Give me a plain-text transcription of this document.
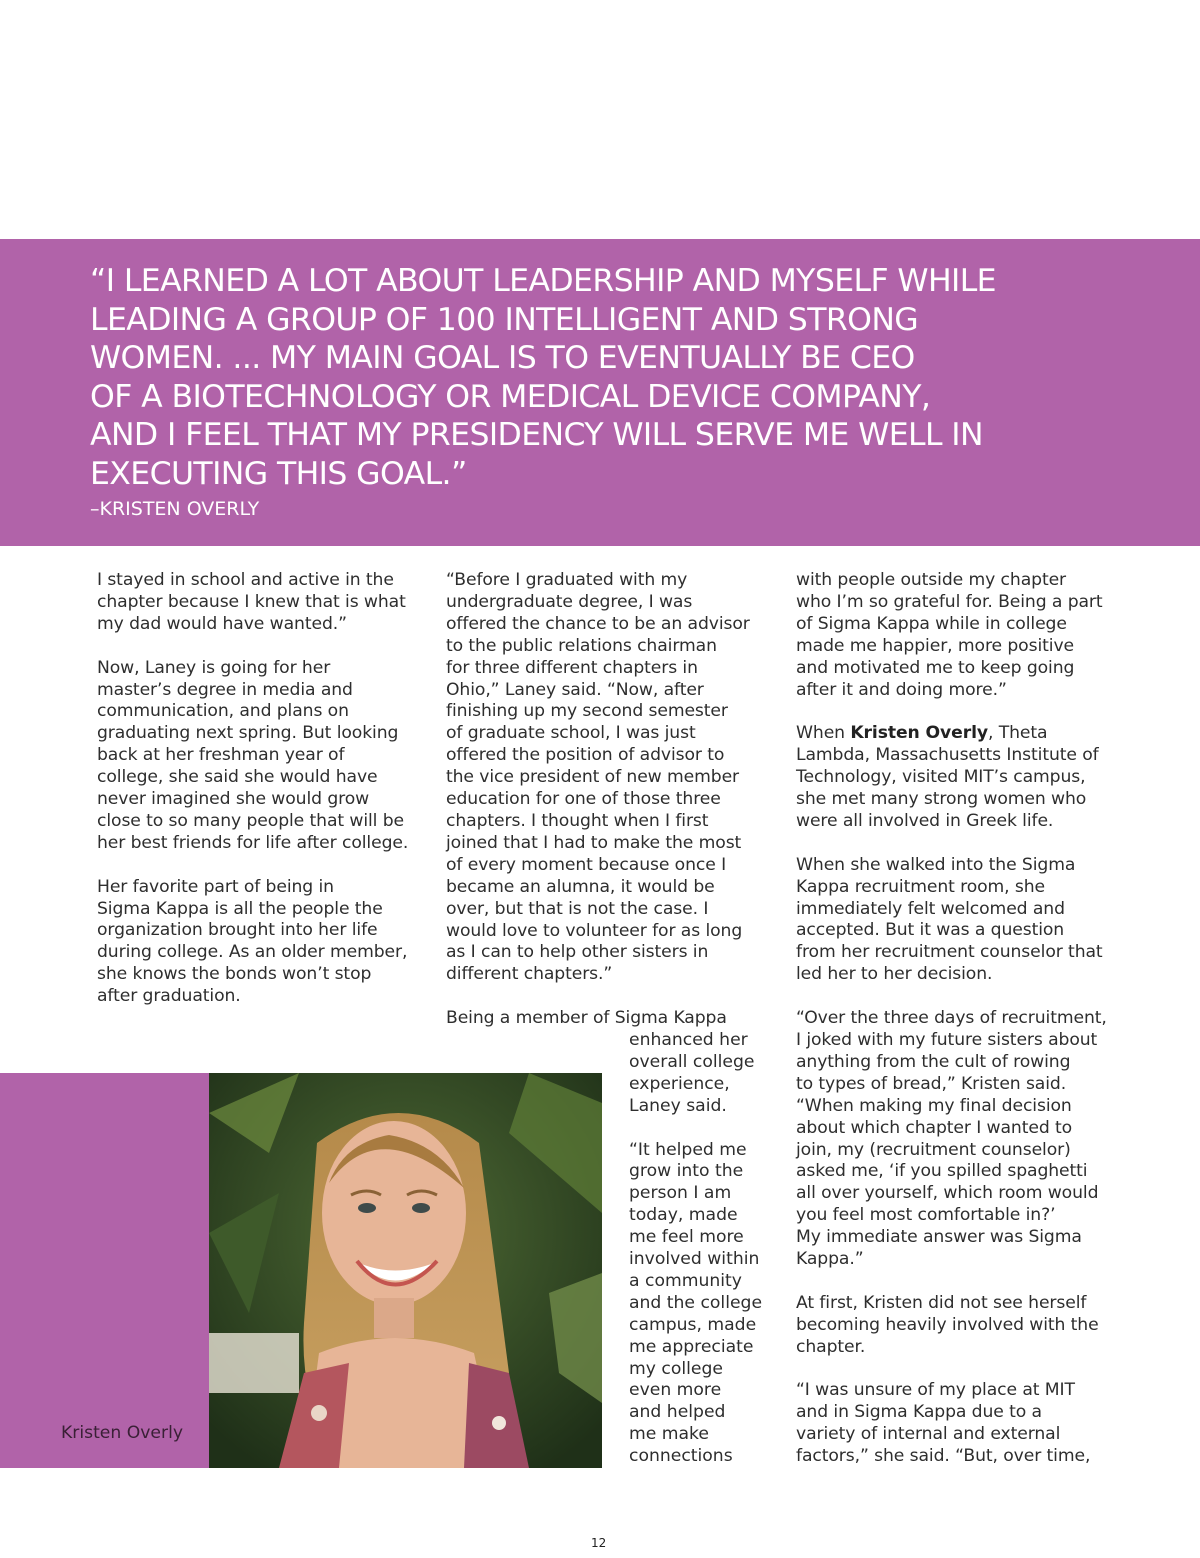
“I LEARNED A LOT ABOUT LEADERSHIP AND MYSELF WHILE
LEADING A GROUP OF 100 INTELLIGENT AND STRONG
WOMEN. ... MY MAIN GOAL IS TO EVENTUALLY BE CEO
OF A BIOTECHNOLOGY OR MEDICAL DEVICE COMPANY,
AND I FEEL THAT MY PRESIDENCY WILL SERVE ME WELL IN
EXECUTING THIS GOAL.”

–KRISTEN OVERLY

I stayed in school and active in the
chapter because I knew that is what
my dad would have wanted.”

Now, Laney is going for her
master’s degree in media and
communication, and plans on
graduating next spring. But looking
back at her freshman year of
college, she said she would have
never imagined she would grow
close to so many people that will be
her best friends for life after college.

Her favorite part of being in
Sigma Kappa is all the people the
organization brought into her life
during college. As an older member,
she knows the bonds won’t stop
after graduation.

“Before I graduated with my
undergraduate degree, I was
offered the chance to be an advisor
to the public relations chairman
for three different chapters in
Ohio,” Laney said. “Now, after
finishing up my second semester
of graduate school, I was just
offered the position of advisor to
the vice president of new member
education for one of those three
chapters. I thought when I first
joined that I had to make the most
of every moment because once I
became an alumna, it would be
over, but that is not the case. I
would love to volunteer for as long
as I can to help other sisters in
different chapters.”

Being a member of Sigma Kappa

enhanced her
overall college
experience,
Laney said.

“It helped me
grow into the
person I am
today, made
me feel more
involved within
a community
and the college
campus, made
me appreciate
my college
even more
and helped
me make
connections

with people outside my chapter
who I’m so grateful for. Being a part
of Sigma Kappa while in college
made me happier, more positive
and motivated me to keep going
after it and doing more.”

When Kristen Overly, Theta
Lambda, Massachusetts Institute of
Technology, visited MIT’s campus,
she met many strong women who
were all involved in Greek life.

When she walked into the Sigma
Kappa recruitment room, she
immediately felt welcomed and
accepted. But it was a question
from her recruitment counselor that
led her to her decision.

“Over the three days of recruitment,
I joked with my future sisters about
anything from the cult of rowing
to types of bread,” Kristen said.
“When making my final decision
about which chapter I wanted to
join, my (recruitment counselor)
asked me, ‘if you spilled spaghetti
all over yourself, which room would
you feel most comfortable in?’
My immediate answer was Sigma
Kappa.”

At first, Kristen did not see herself
becoming heavily involved with the
chapter.

“I was unsure of my place at MIT
and in Sigma Kappa due to a
variety of internal and external
factors,” she said. “But, over time,

Kristen Overly

12
